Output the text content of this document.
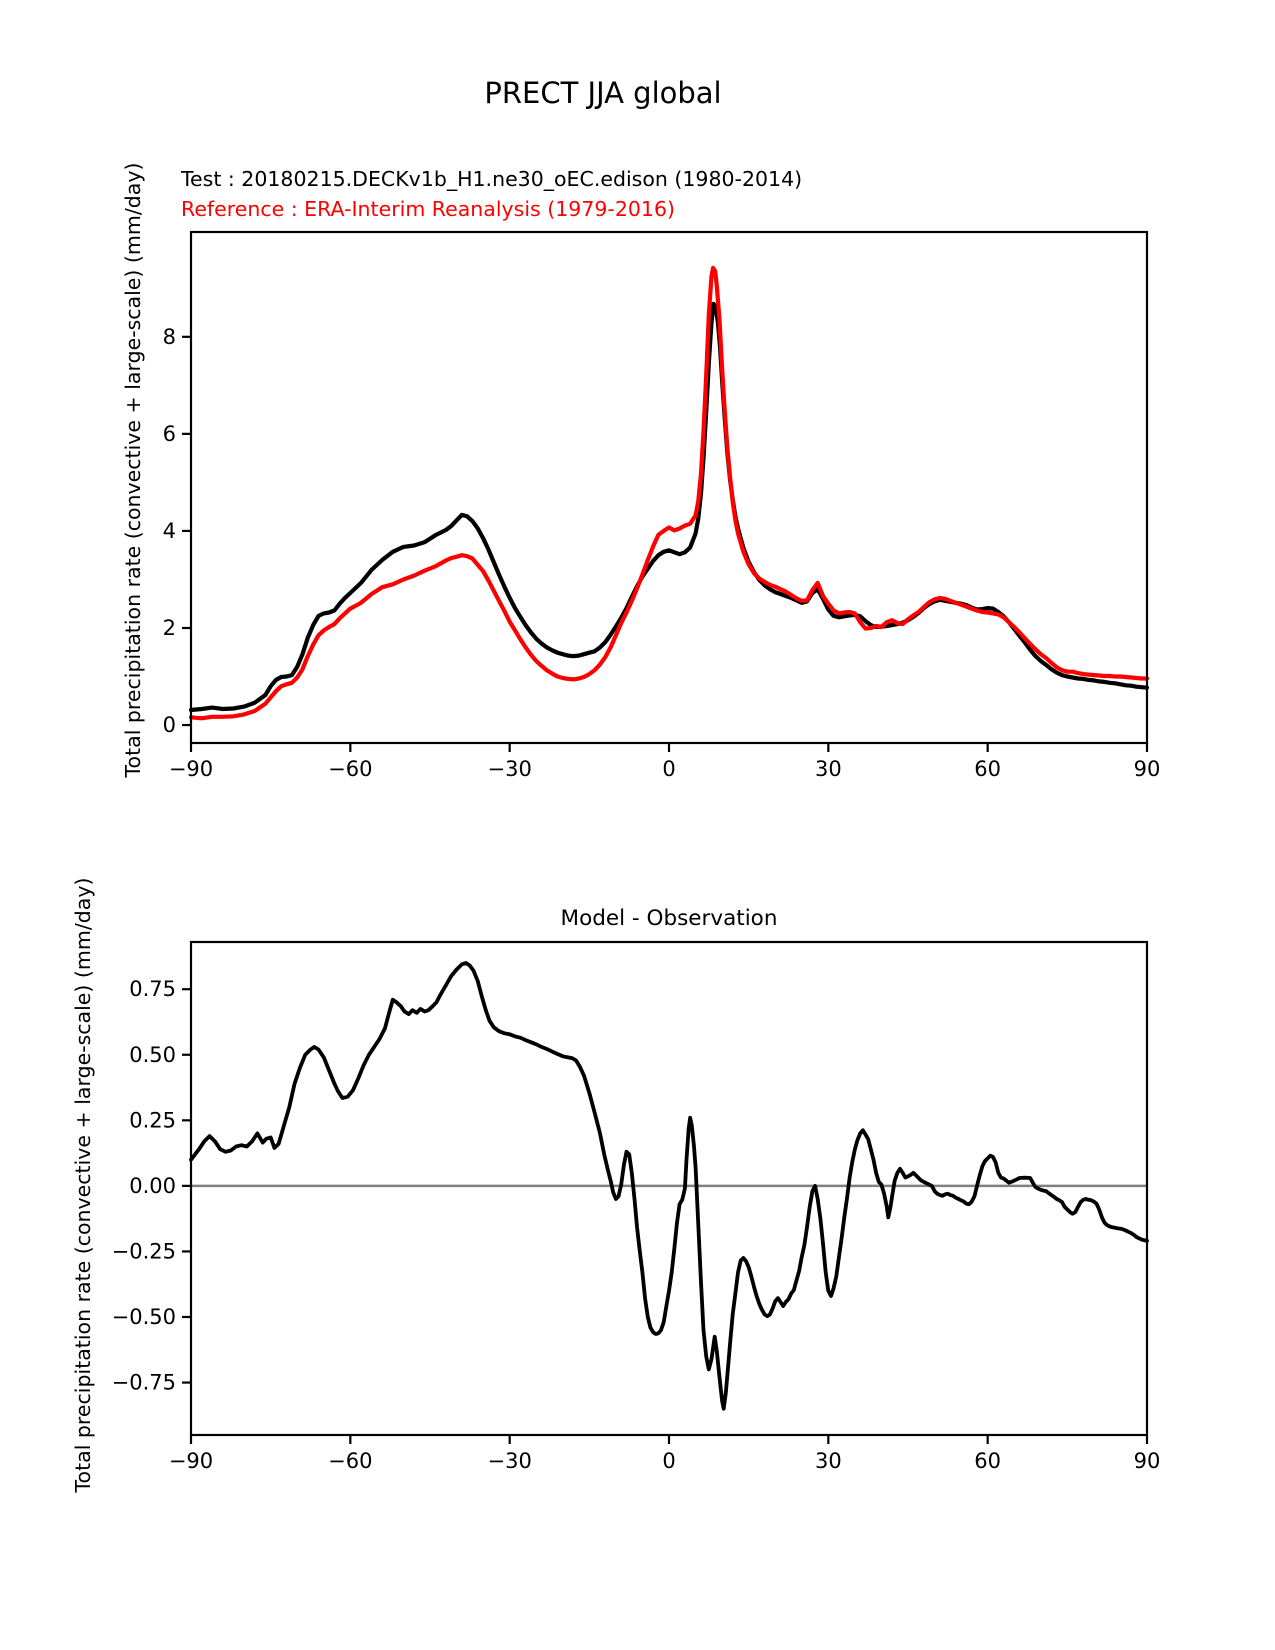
PRECT JJA global
Test : 20180215.DECKv1b_H1.ne30_oEC.edison (1980-2014)
Reference : ERA-Interim Reanalysis (1979-2016)
Total precipitation rate (convective + large-scale) (mm/day)
Total precipitation rate (convective + large-scale) (mm/day)	Model - Observation
−90	−60	−30	0	30	60	90
0
2
4
6
8
−90	−60	−30	0	30	60	90
0.75
0.50
0.25
0.00
−0.25
−0.50
−0.75
